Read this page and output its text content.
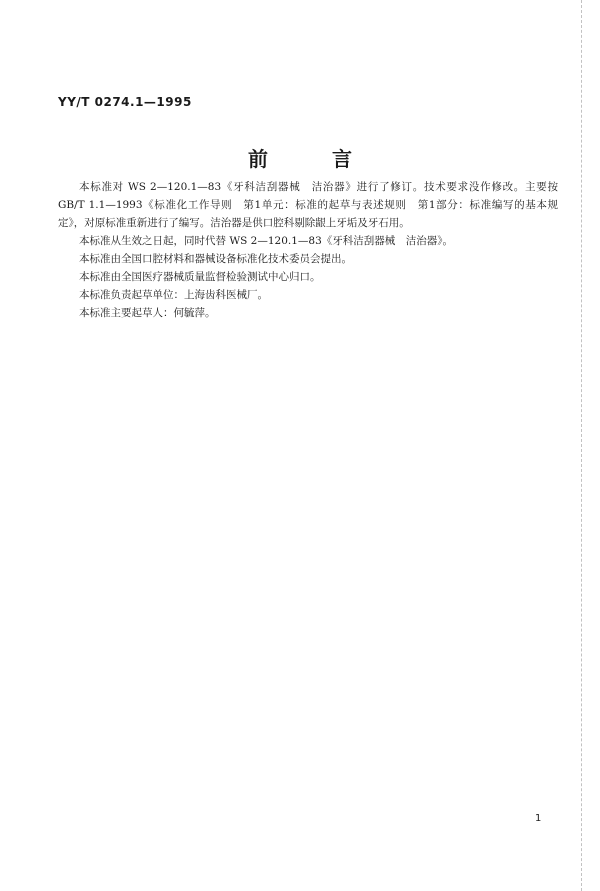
YY/T 0274.1—1995
前　言

本标准对 WS 2—120.1—83《牙科洁刮器械　洁治器》进行了修订。技术要求没作修改。主要按 GB/T 1.1—1993《标准化工作导则　第1单元：标准的起草与表述规则　第1部分：标准编写的基本规定》，对原标准重新进行了编写。洁治器是供口腔科剔除龈上牙垢及牙石用。

本标准从生效之日起，同时代替 WS 2—120.1—83《牙科洁刮器械　洁治器》。

本标准由全国口腔材料和器械设备标准化技术委员会提出。

本标准由全国医疗器械质量监督检验测试中心归口。

本标准负责起草单位：上海齿科医械厂。

本标准主要起草人：何毓萍。

1
